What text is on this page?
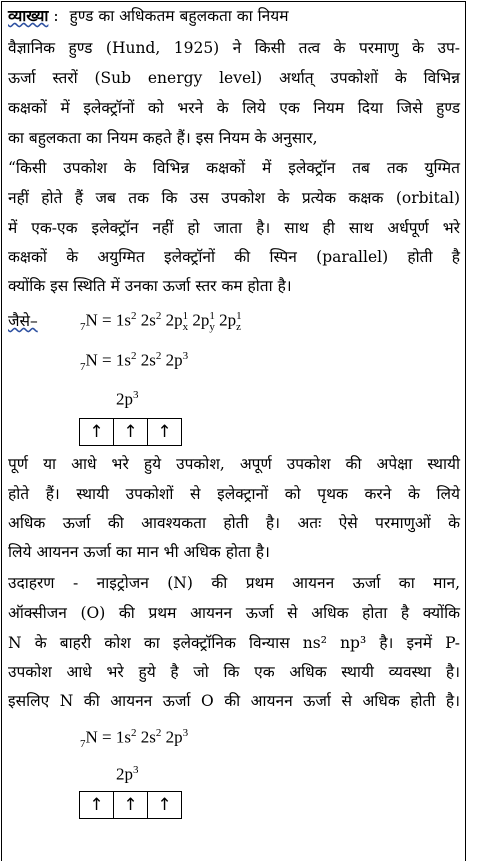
व्याख्या : हुण्ड का अधिकतम बहुलकता का नियम
वैज्ञानिक हुण्ड (Hund, 1925) ने किसी तत्व के परमाणु के उप-
ऊर्जा स्तरों (Sub energy level) अर्थात् उपकोशों के विभिन्न
कक्षकों में इलेक्ट्रॉनों को भरने के लिये एक नियम दिया जिसे हुण्ड
का बहुलकता का नियम कहते हैं। इस नियम के अनुसार,
“किसी उपकोश के विभिन्न कक्षकों में इलेक्ट्रॉन तब तक युग्मित
नहीं होते हैं जब तक कि उस उपकोश के प्रत्येक कक्षक (orbital)
में एक-एक इलेक्ट्रॉन नहीं हो जाता है। साथ ही साथ अर्धपूर्ण भरे
कक्षकों के अयुग्मित इलेक्ट्रॉनों की स्पिन (parallel) होती है
क्योंकि इस स्थिति में उनका ऊर्जा स्तर कम होता है।
जैसे–	$_7N = 1s^2$ $2s^2$ 2p 1
x 2p 1
y 2p 1
z
$_7N = 1s^2$ $2s^2$ $2p^3$
$2p^3$
↑	↑	↑
पूर्ण या आधे भरे हुये उपकोश, अपूर्ण उपकोश की अपेक्षा स्थायी
होते हैं। स्थायी उपकोशों से इलेक्ट्रानों को पृथक करने के लिये
अधिक ऊर्जा की आवश्यकता होती है। अतः ऐसे परमाणुओं के
लिये आयनन ऊर्जा का मान भी अधिक होता है।
उदाहरण - नाइट्रोजन (N) की प्रथम आयनन ऊर्जा का मान,
ऑक्सीजन (O) की प्रथम आयनन ऊर्जा से अधिक होता है क्योंकि
N के बाहरी कोश का इलेक्ट्रॉनिक विन्यास ns² np³ है। इनमें P-
उपकोश आधे भरे हुये है जो कि एक अधिक स्थायी व्यवस्था है।
इसलिए N की आयनन ऊर्जा O की आयनन ऊर्जा से अधिक होती है।
$_7N = 1s^2$ $2s^2$ $2p^3$
$2p^3$
↑	↑	↑
